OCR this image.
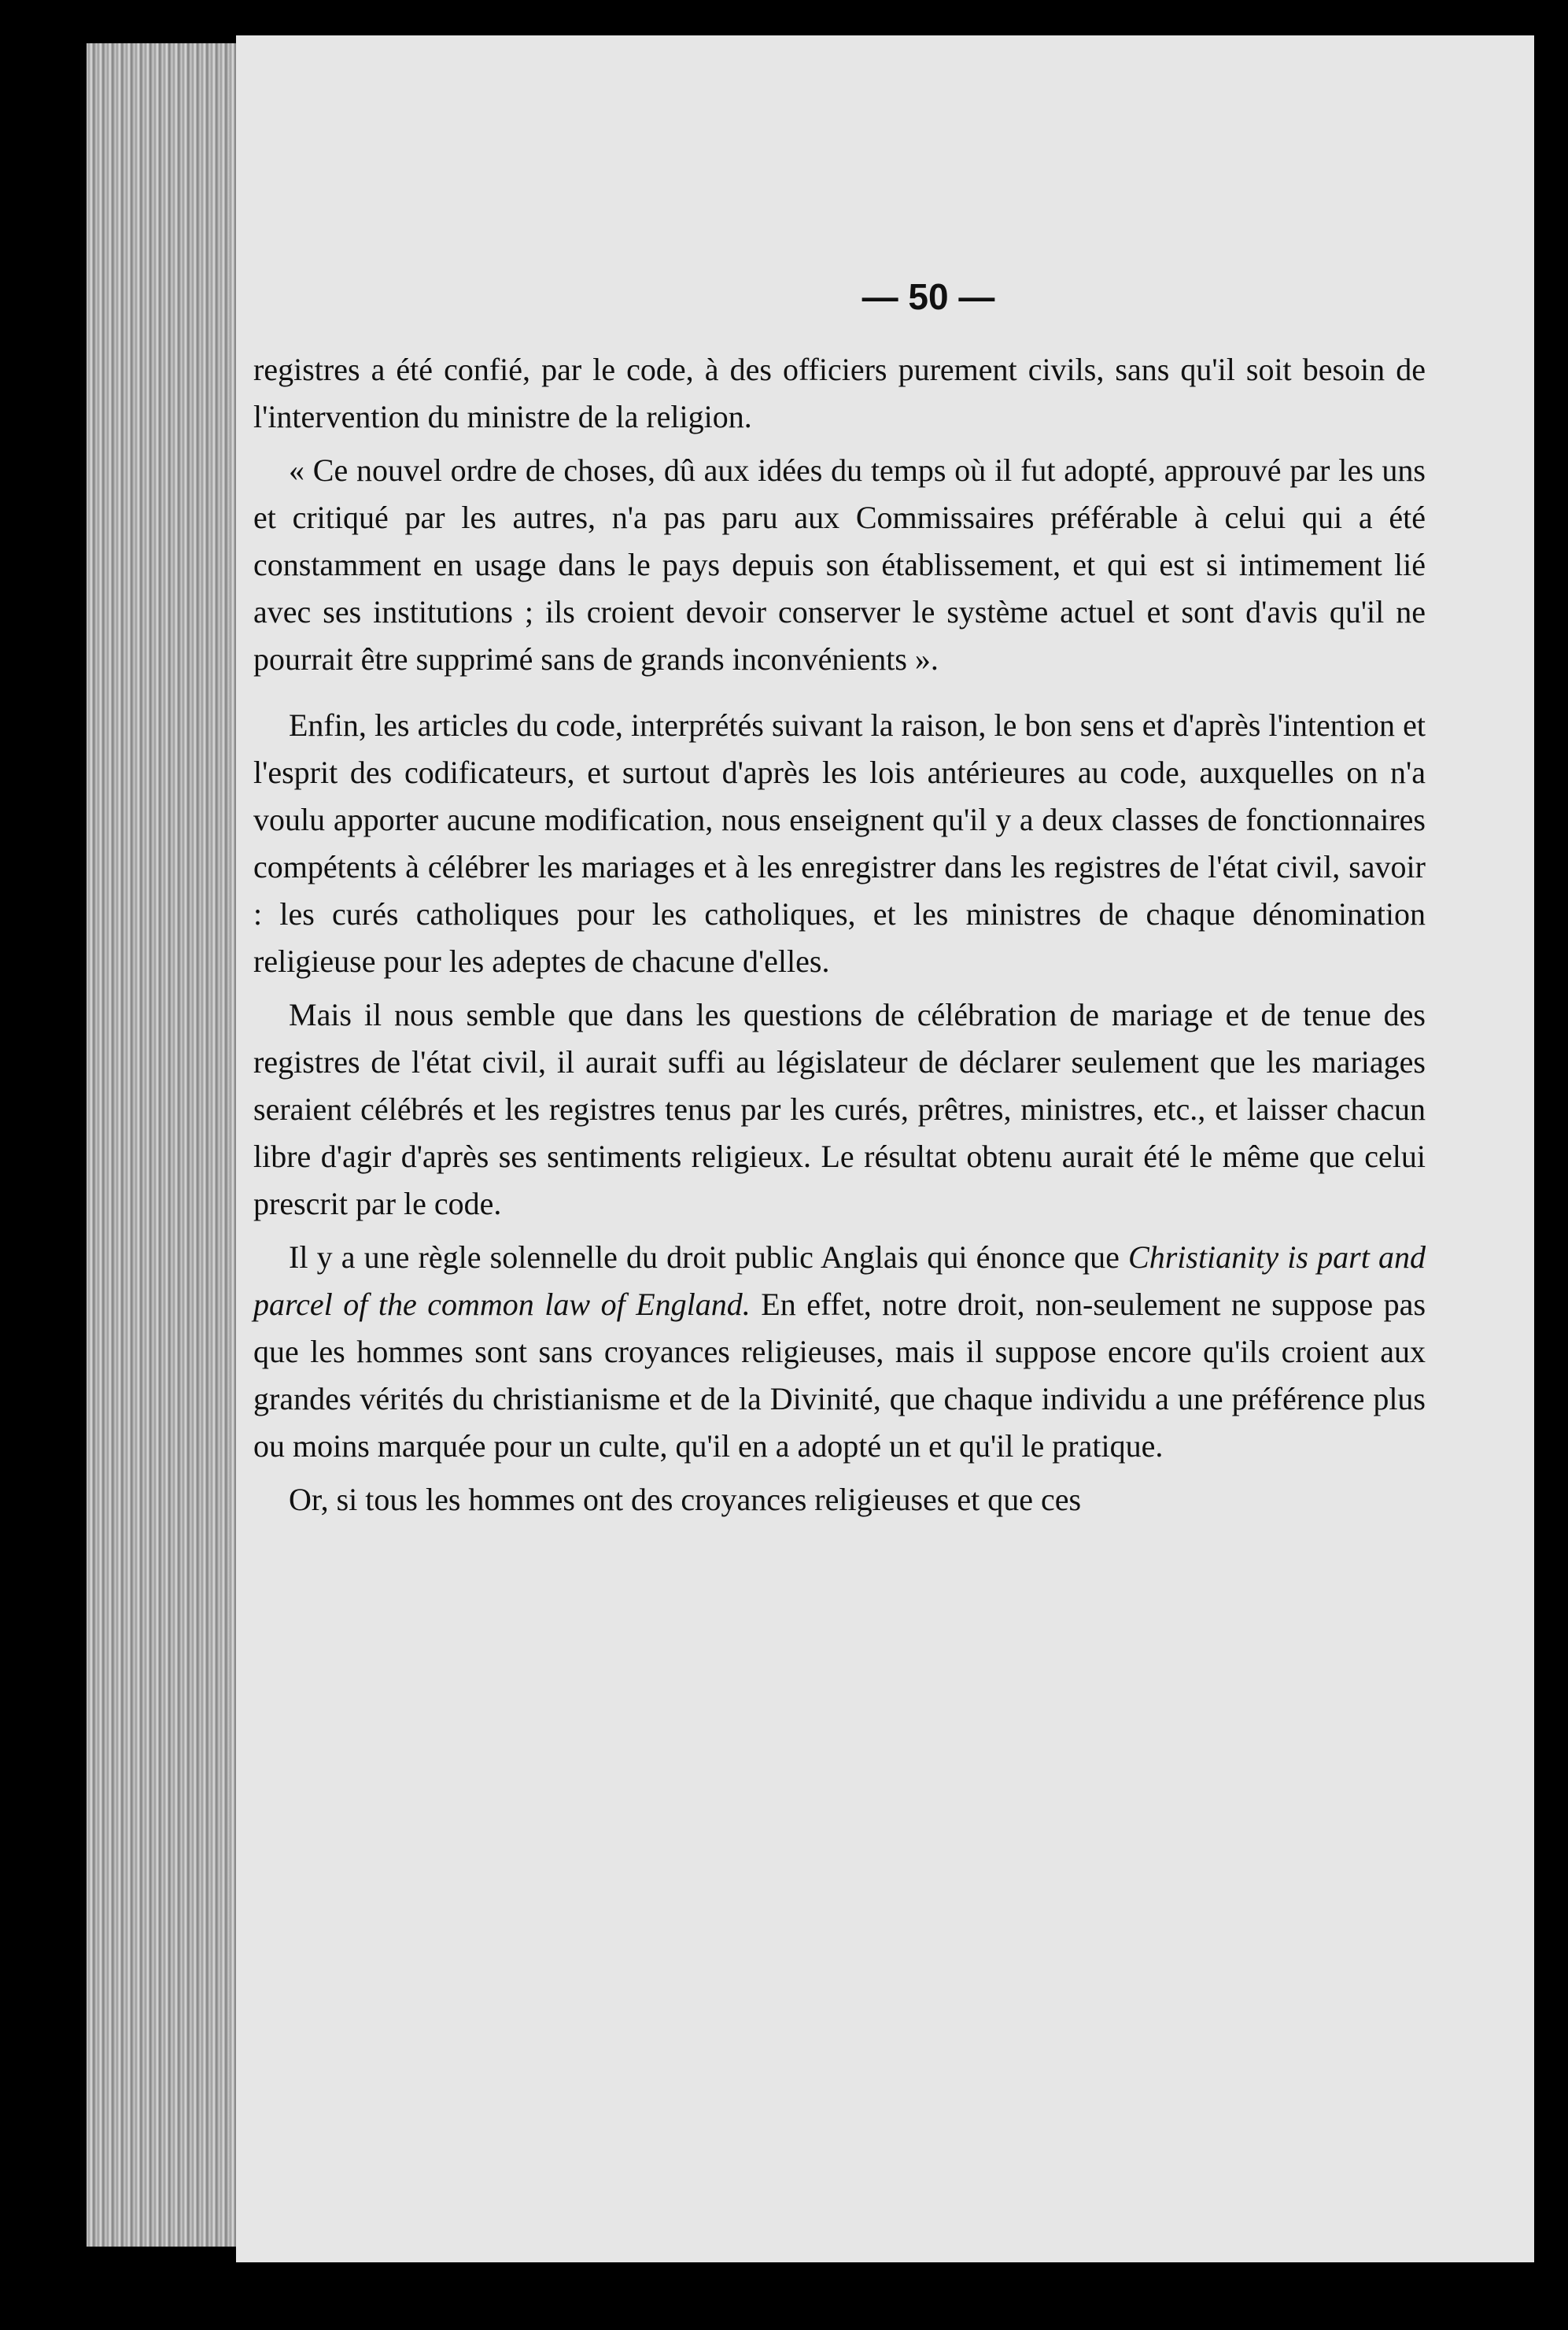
— 50 —

registres a été confié, par le code, à des officiers purement civils, sans qu'il soit besoin de l'intervention du ministre de la religion.

« Ce nouvel ordre de choses, dû aux idées du temps où il fut adopté, approuvé par les uns et critiqué par les autres, n'a pas paru aux Commissaires préférable à celui qui a été constamment en usage dans le pays depuis son établissement, et qui est si intimement lié avec ses institutions ; ils croient devoir conserver le système actuel et sont d'avis qu'il ne pourrait être supprimé sans de grands inconvénients ».

Enfin, les articles du code, interprétés suivant la raison, le bon sens et d'après l'intention et l'esprit des codificateurs, et surtout d'après les lois antérieures au code, auxquelles on n'a voulu apporter aucune modification, nous enseignent qu'il y a deux classes de fonctionnaires compétents à célébrer les mariages et à les enregistrer dans les registres de l'état civil, savoir : les curés catholiques pour les catholiques, et les ministres de chaque dénomination religieuse pour les adeptes de chacune d'elles.

Mais il nous semble que dans les questions de célébration de mariage et de tenue des registres de l'état civil, il aurait suffi au législateur de déclarer seulement que les mariages seraient célébrés et les registres tenus par les curés, prêtres, ministres, etc., et laisser chacun libre d'agir d'après ses sentiments religieux. Le résultat obtenu aurait été le même que celui prescrit par le code.

Il y a une règle solennelle du droit public Anglais qui énonce que Christianity is part and parcel of the common law of England. En effet, notre droit, non-seulement ne suppose pas que les hommes sont sans croyances religieuses, mais il suppose encore qu'ils croient aux grandes vérités du christianisme et de la Divinité, que chaque individu a une préférence plus ou moins marquée pour un culte, qu'il en a adopté un et qu'il le pratique.

Or, si tous les hommes ont des croyances religieuses et que ces
